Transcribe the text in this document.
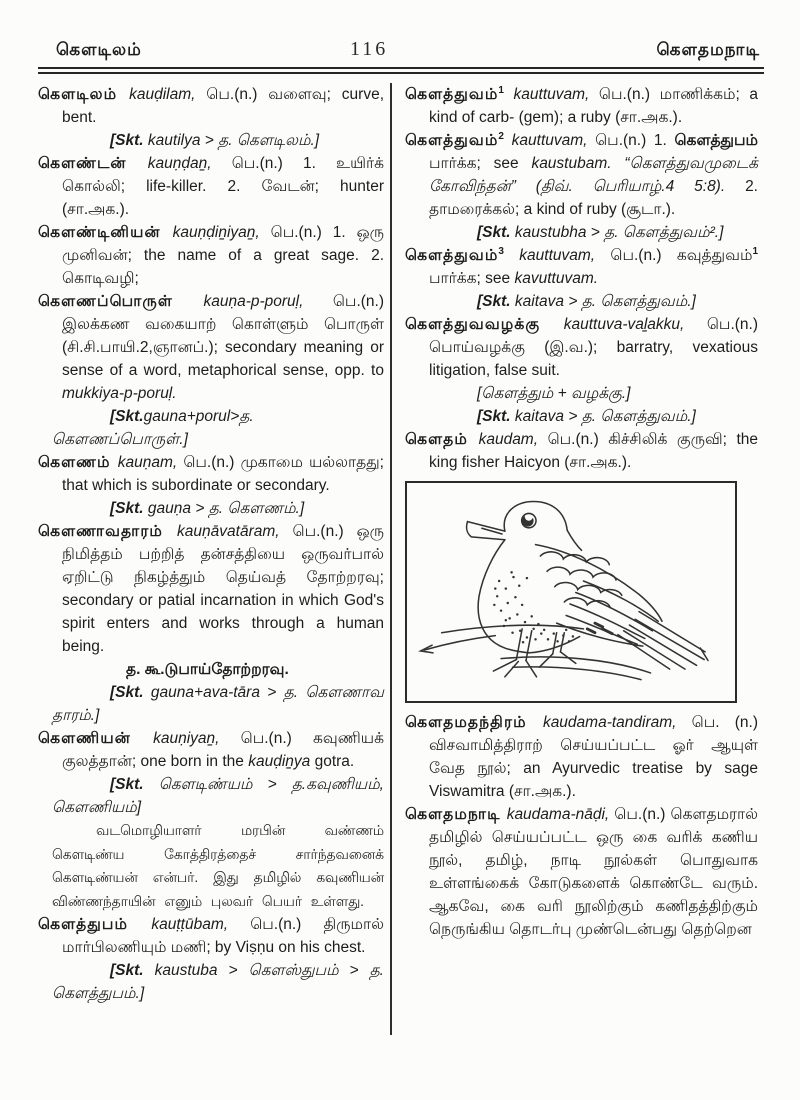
கெளடிலம்	116	கெளதமநாடி

கெளடிலம் kauḍilam, பெ.(n.) வளைவு; curve, bent.

[Skt. kautilya > த. கெளடிலம்.]

கெளண்டன் kauṇḍaṉ, பெ.(n.) 1. உயிர்க் கொல்லி; life-killer. 2. வேடன்; hunter (சா.அக.).

கெளண்டினியன் kauṇḍiṉiyaṉ, பெ.(n.) 1. ஒரு முனிவன்; the name of a great sage. 2. கொடிவழி;

கெளணப்பொருள் kauṇa-p-poruḷ, பெ.(n.) இலக்கண வகையாற் கொள்ளும் பொருள் (சி.சி.பாயி.2,ஞானப்.); secondary meaning or sense of a word, metaphorical sense, opp. to mukkiya-p-poruḷ.

[Skt.gauna+porul>த. கெளணப்பொருள்.]

கெளணம் kauṇam, பெ.(n.) முகாமை யல்லாதது; that which is subordinate or secondary.

[Skt. gauṇa > த. கெளணம்.]

கெளணாவதாரம் kauṇāvatāram, பெ.(n.) ஒரு நிமித்தம் பற்றித் தன்சத்தியை ஒருவர்பால் ஏறிட்டு நிகழ்த்தும் தெய்வத் தோற்றரவு; secondary or patial incarnation in which God's spirit enters and works through a human being.

த. கூ.டுபாய்தோற்றரவு.

[Skt. gauna+ava-tāra > த. கெளணாவ தாரம்.]

கெளணியன் kauṇiyaṉ, பெ.(n.) கவுணியக் குலத்தான்; one born in the kauḍiṉya gotra.

[Skt. கெளடிண்யம் > த.கவுணியம், கெளணியம்]

வடமொழியாளர் மரபின் வண்ணம் கெளடிண்ய கோத்திரத்தைச் சார்ந்தவனைக் கெளடிண்யன் என்பர். இது தமிழில் கவுணியன் விண்ணந்தாயின் எனும் புலவர் பெயர் உள்ளது.

கெளத்துபம் kauṭṭūbam, பெ.(n.) திருமால் மார்பிலணியும் மணி; by Viṣṇu on his chest.

[Skt. kaustuba > கெளஸ்துபம் > த. கெளத்துபம்.]

கெளத்துவம்$^1$ kauttuvam, பெ.(n.) மாணிக்கம்; a kind of carb- (gem); a ruby (சா.அக.).

கெளத்துவம்$^2$ kauttuvam, பெ.(n.) 1. கெளத்துபம் பார்க்க; see kaustubam. “கெளத்துவமுடைக் கோவிந்தன்” (திவ். பெரியாழ்.4 5:8). 2. தாமரைக்கல்; a kind of ruby (சூடா.).

[Skt. kaustubha > த. கெளத்துவம்².]

கெளத்துவம்$^3$ kauttuvam, பெ.(n.) கவுத்துவம்$^1$ பார்க்க; see kavuttuvam.

[Skt. kaitava > த. கெளத்துவம்.]

கெளத்துவவழக்கு kauttuva-vaḻakku, பெ.(n.) பொய்வழக்கு (இ.வ.); barratry, vexatious litigation, false suit.

[கெளத்தும் + வழக்கு.]

[Skt. kaitava > த. கெளத்துவம்.]

கெளதம் kaudam, பெ.(n.) கிச்சிலிக் குருவி; the king fisher Haicyon (சா.அக.).

கெளதமதந்திரம் kaudama-tandiram, பெ. (n.) விசவாமித்திராற் செய்யப்பட்ட ஓர் ஆயுள் வேத நூல்; an Ayurvedic treatise by sage Viswamitra (சா.அக.).

கெளதமநாடி kaudama-nāḍi, பெ.(n.) கெளதமரால் தமிழில் செய்யப்பட்ட ஒரு கை வரிக் கணிய நூல், தமிழ், நாடி நூல்கள் பொதுவாக உள்ளங்கைக் கோடுகளைக் கொண்டே வரும். ஆகவே, கை வரி நூலிற்கும் கணிதத்திற்கும் நெருங்கிய தொடர்பு முண்டென்பது தெற்றென
